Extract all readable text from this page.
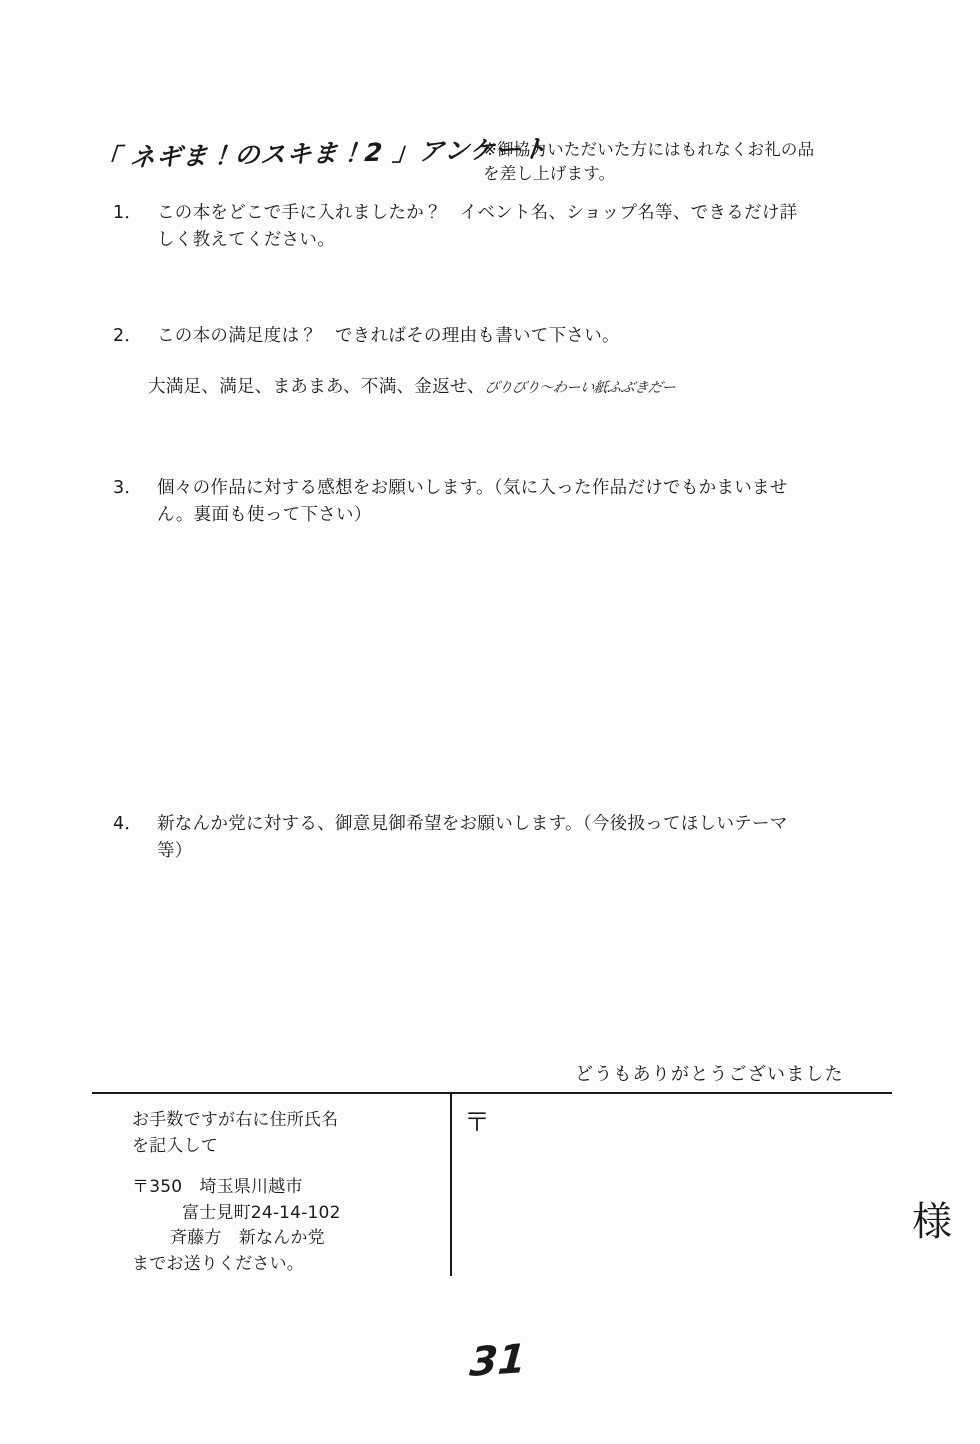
「 ネギま！のスキま！2 」アンケート
※御協力いただいた方にはもれなくお礼の品
を差し上げます。
1． この本をどこで手に入れましたか？　イベント名、ショップ名等、できるだけ詳
しく教えてください。
2． この本の満足度は？　できればその理由も書いて下さい。
大満足、満足、まあまあ、不満、金返せ、びりびり～わーい紙ふぶきだー
3． 個々の作品に対する感想をお願いします。（気に入った作品だけでもかまいませ
ん。裏面も使って下さい）
4． 新なんか党に対する、御意見御希望をお願いします。（今後扱ってほしいテーマ
等）
どうもありがとうございました
お手数ですが右に住所氏名
を記入して
〒350　埼玉県川越市
富士見町24-14-102
斉藤方　新なんか党
までお送りください。
〒
様
31
